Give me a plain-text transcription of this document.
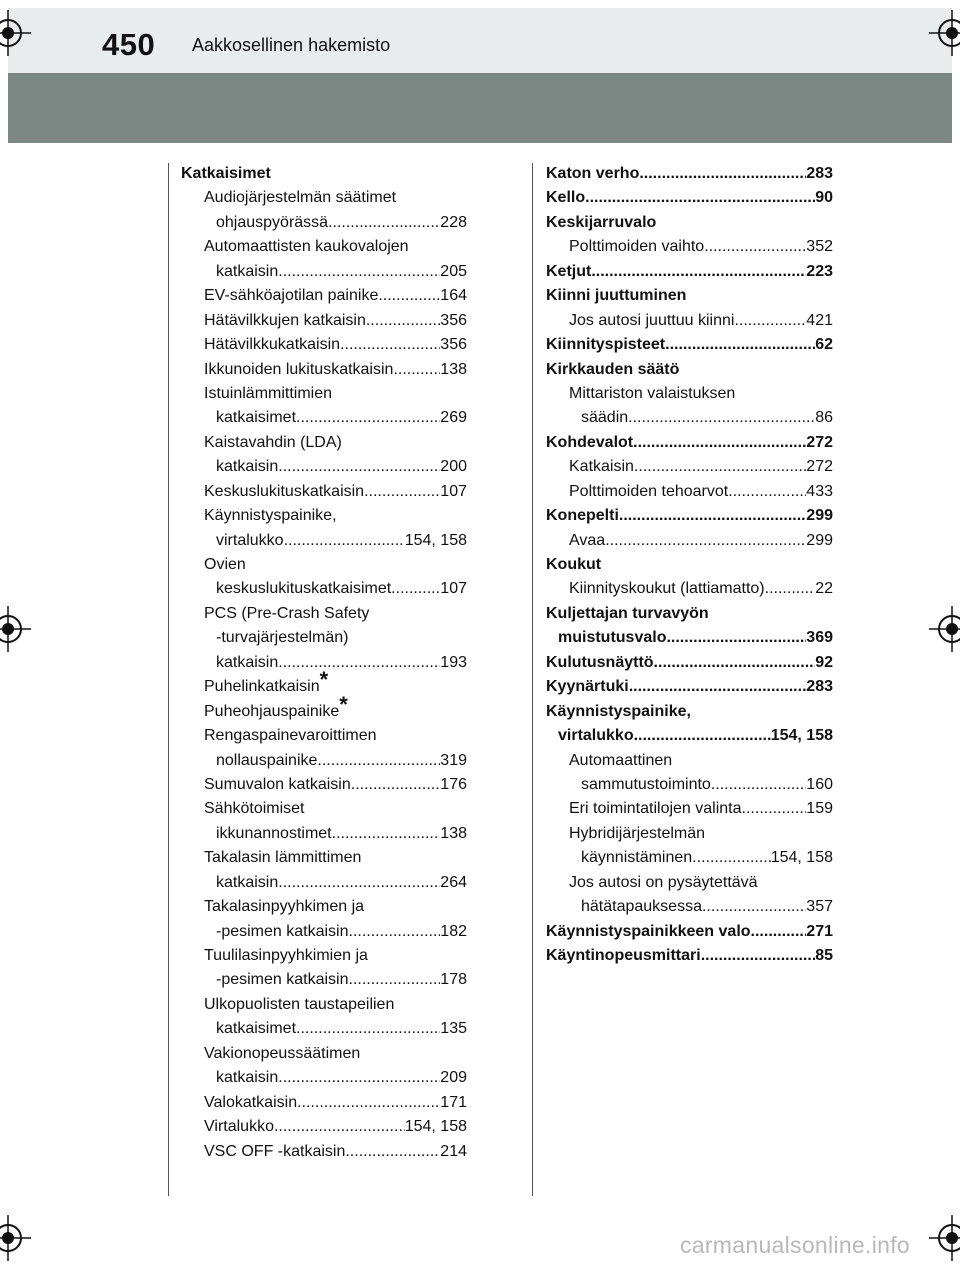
450 Aakkosellinen hakemisto
Katkaisimet
Audiojärjestelmän säätimet
ohjauspyörässä .....	228
Automaattisten kaukovalojen
katkaisin .....	205
EV-sähköajotilan painike .....	164
Hätävilkkujen katkaisin .....	356
Hätävilkkukatkaisin .....	356
Ikkunoiden lukituskatkaisin .....	138
Istuinlämmittimien
katkaisimet .....	269
Kaistavahdin (LDA)
katkaisin .....	200
Keskuslukituskatkaisin .....	107
Käynnistyspainike,
virtalukko .....	154, 158
Ovien
keskuslukituskatkaisimet .....	107
PCS (Pre-Crash Safety
-turvajärjestelmän)
katkaisin .....	193
Puhelinkatkaisin*
Puheohjauspainike*
Rengaspainevaroittimen
nollauspainike .....	319
Sumuvalon katkaisin .....	176
Sähkötoimiset
ikkunannostimet .....	138
Takalasin lämmittimen
katkaisin .....	264
Takalasinpyyhkimen ja
-pesimen katkaisin .....	182
Tuulilasinpyyhkimien ja
-pesimen katkaisin .....	178
Ulkopuolisten taustapeilien
katkaisimet .....	135
Vakionopeussäätimen
katkaisin .....	209
Valokatkaisin .....	171
Virtalukko .....	154, 158
VSC OFF -katkaisin .....	214
Katon verho .....	283
Kello .....	90
Keskijarruvalo
Polttimoiden vaihto .....	352
Ketjut .....	223
Kiinni juuttuminen
Jos autosi juuttuu kiinni .....	421
Kiinnityspisteet .....	62
Kirkkauden säätö
Mittariston valaistuksen
säädin .....	86
Kohdevalot .....	272
Katkaisin .....	272
Polttimoiden tehoarvot .....	433
Konepelti .....	299
Avaa .....	299
Koukut
Kiinnityskoukut (lattiamatto) .....	22
Kuljettajan turvavyön
muistutusvalo .....	369
Kulutusnäyttö .....	92
Kyynärtuki .....	283
Käynnistyspainike,
virtalukko .....	154, 158
Automaattinen
sammutustoiminto .....	160
Eri toimintatilojen valinta .....	159
Hybridijärjestelmän
käynnistäminen .....	154, 158
Jos autosi on pysäytettävä
hätätapauksessa .....	357
Käynnistyspainikkeen valo .....	271
Käyntinopeusmittari .....	85
carmanualsonline.info
